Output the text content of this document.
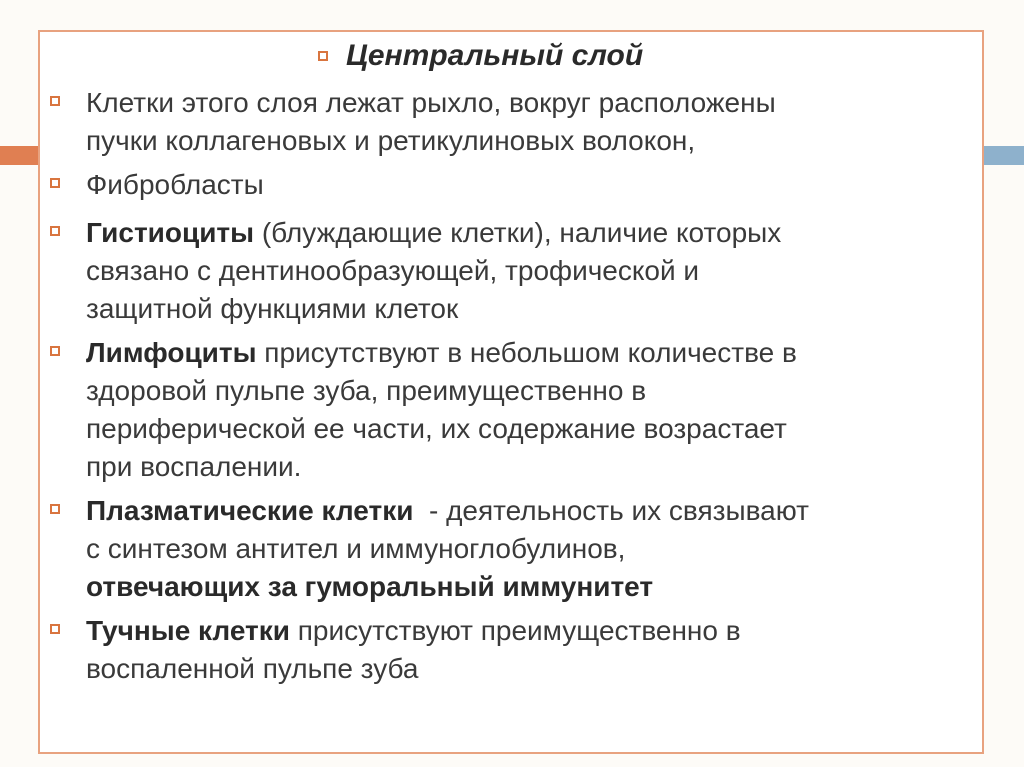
Центральный слой
Клетки этого слоя лежат рыхло, вокруг расположены
пучки коллагеновых и ретикулиновых волокон,
Фибробласты
Гистиоциты (блуждающие клетки), наличие которых
связано с дентинообразующей, трофической и
защитной функциями клеток
Лимфоциты присутствуют в небольшом количестве в
здоровой пульпе зуба, преимущественно в
периферической ее части, их содержание возрастает
при воспалении.
Плазматические клетки  - деятельность их связывают
с синтезом антител и иммуноглобулинов,
отвечающих за гуморальный иммунитет
Тучные клетки присутствуют преимущественно в
воспаленной пульпе зуба
